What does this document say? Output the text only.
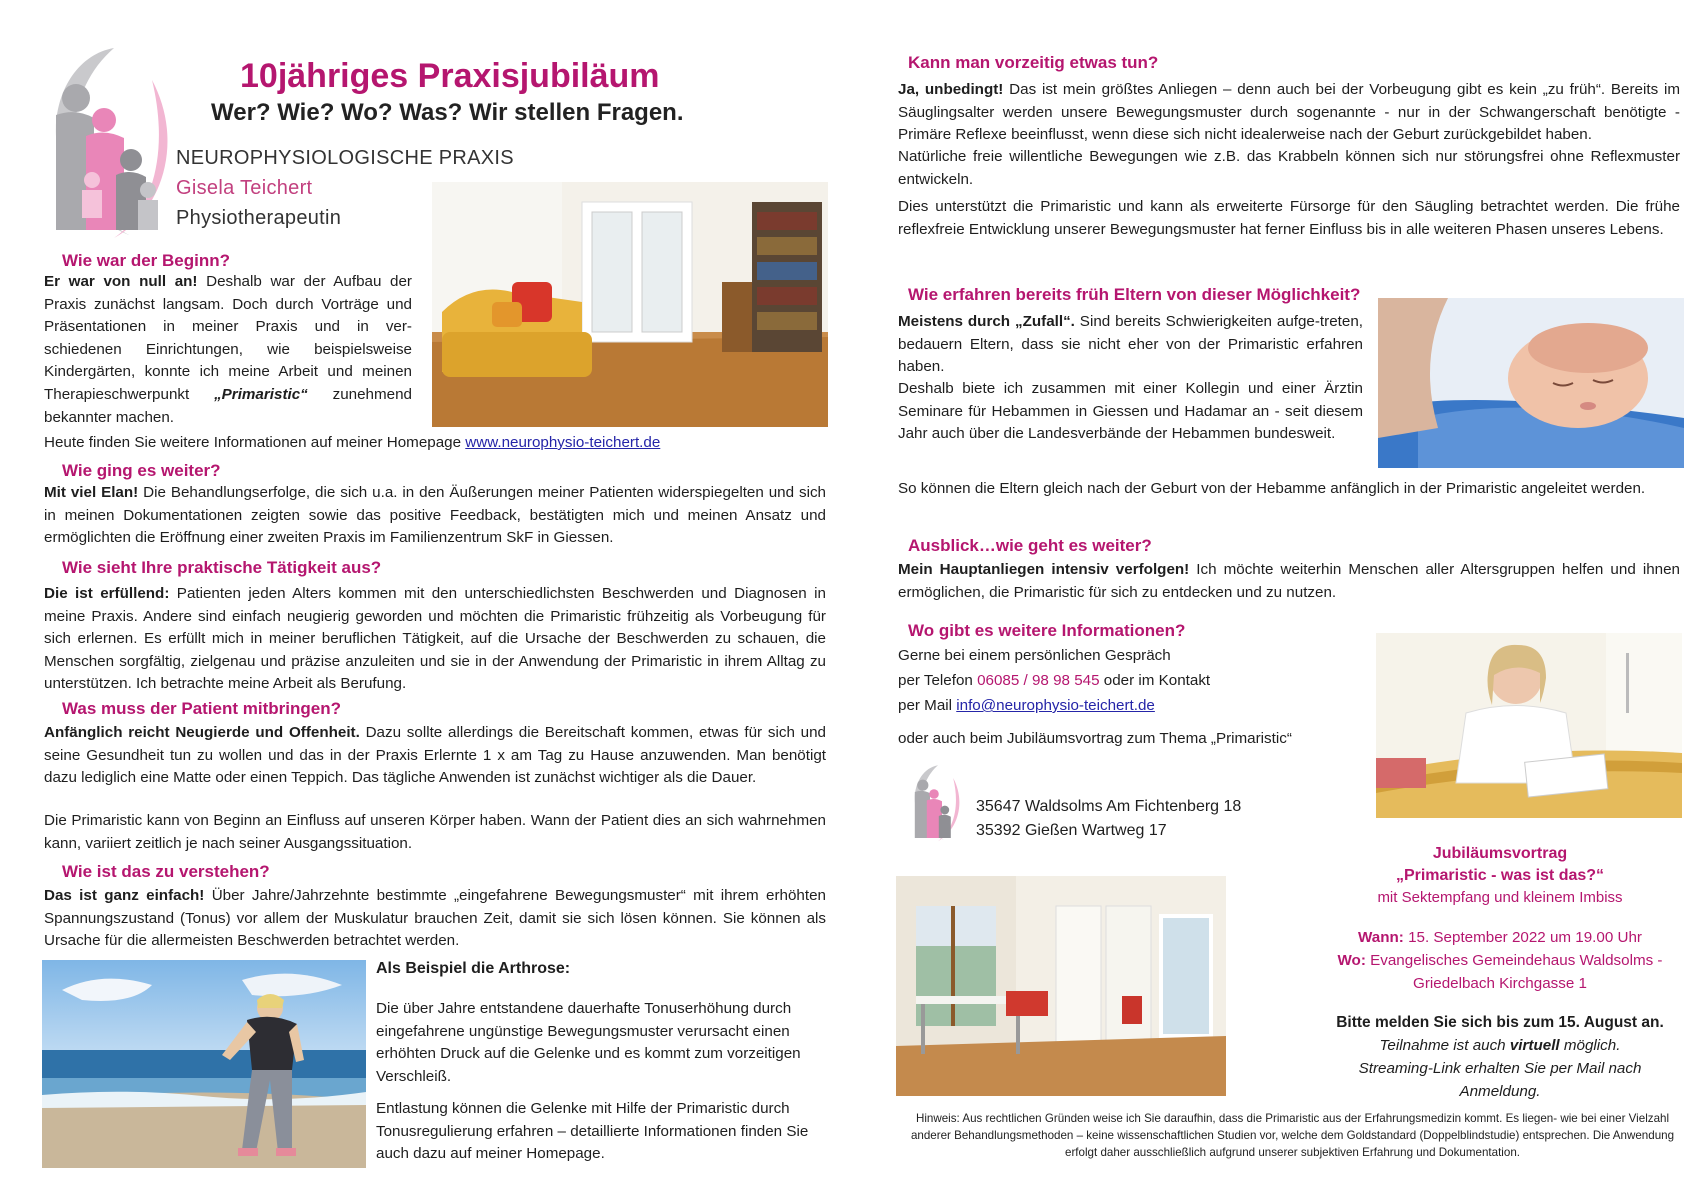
10jähriges Praxisjubiläum
Wer? Wie? Wo? Was? Wir stellen Fragen.
NEUROPHYSIOLOGISCHE PRAXIS
Gisela Teichert
Physiotherapeutin
Wie war der Beginn?
Er war von null an! Deshalb war der Aufbau der Praxis zunächst langsam. Doch durch Vorträge und Präsentationen in meiner Praxis und in ver-schiedenen Einrichtungen, wie beispielsweise Kindergärten, konnte ich meine Arbeit und meinen Therapieschwerpunkt „Primaristic“ zunehmend bekannter machen.
Heute finden Sie weitere Informationen auf meiner Homepage www.neurophysio-teichert.de
Wie ging es weiter?
Mit viel Elan! Die Behandlungserfolge, die sich u.a. in den Äußerungen meiner Patienten widerspiegelten und sich in meinen Dokumentationen zeigten sowie das positive Feedback, bestätigten mich und meinen Ansatz und ermöglichten die Eröffnung einer zweiten Praxis im Familienzentrum SkF in Giessen.
Wie sieht Ihre praktische Tätigkeit aus?
Die ist erfüllend: Patienten jeden Alters kommen mit den unterschiedlichsten Beschwerden und Diagnosen in meine Praxis. Andere sind einfach neugierig geworden und möchten die Primaristic frühzeitig als Vorbeugung für sich erlernen. Es erfüllt mich in meiner beruflichen Tätigkeit, auf die Ursache der Beschwerden zu schauen, die Menschen sorgfältig, zielgenau und präzise anzuleiten und sie in der Anwendung der Primaristic in ihrem Alltag zu unterstützen. Ich betrachte meine Arbeit als Berufung.
Was muss der Patient mitbringen?
Anfänglich reicht Neugierde und Offenheit. Dazu sollte allerdings die Bereitschaft kommen, etwas für sich und seine Gesundheit tun zu wollen und das in der Praxis Erlernte 1 x am Tag zu Hause anzuwenden. Man benötigt dazu lediglich eine Matte oder einen Teppich. Das tägliche Anwenden ist zunächst wichtiger als die Dauer.
Die Primaristic kann von Beginn an Einfluss auf unseren Körper haben. Wann der Patient dies an sich wahrnehmen kann, variiert zeitlich je nach seiner Ausgangssituation.
Wie ist das zu verstehen?
Das ist ganz einfach! Über Jahre/Jahrzehnte bestimmte „eingefahrene Bewegungsmuster“ mit ihrem erhöhten Spannungszustand (Tonus) vor allem der Muskulatur brauchen Zeit, damit sie sich lösen können. Sie können als Ursache für die allermeisten Beschwerden betrachtet werden.
Als Beispiel die Arthrose:
Die über Jahre entstandene dauerhafte Tonuserhöhung durch eingefahrene ungünstige Bewegungsmuster verursacht einen erhöhten Druck auf die Gelenke und es kommt zum vorzeitigen Verschleiß.
Entlastung können die Gelenke mit Hilfe der Primaristic durch Tonusregulierung erfahren – detaillierte Informationen finden Sie auch dazu auf meiner Homepage.
Kann man vorzeitig etwas tun?
Ja, unbedingt! Das ist mein größtes Anliegen – denn auch bei der Vorbeugung gibt es kein „zu früh“. Bereits im Säuglingsalter werden unsere Bewegungsmuster durch sogenannte - nur in der Schwangerschaft benötigte - Primäre Reflexe beeinflusst, wenn diese sich nicht idealerweise nach der Geburt zurückgebildet haben.
Natürliche freie willentliche Bewegungen wie z.B. das Krabbeln können sich nur störungsfrei ohne Reflexmuster entwickeln.
Dies unterstützt die Primaristic und kann als erweiterte Fürsorge für den Säugling betrachtet werden. Die frühe reflexfreie Entwicklung unserer Bewegungsmuster hat ferner Einfluss bis in alle weiteren Phasen unseres Lebens.
Wie erfahren bereits früh Eltern von dieser Möglichkeit?
Meistens durch „Zufall“. Sind bereits Schwierigkeiten aufge-treten, bedauern Eltern, dass sie nicht eher von der Primaristic erfahren haben.
Deshalb biete ich zusammen mit einer Kollegin und einer Ärztin Seminare für Hebammen in Giessen und Hadamar an - seit diesem Jahr auch über die Landesverbände der Hebammen bundesweit.
So können die Eltern gleich nach der Geburt von der Hebamme anfänglich in der Primaristic angeleitet werden.
Ausblick…wie geht es weiter?
Mein Hauptanliegen intensiv verfolgen! Ich möchte weiterhin Menschen aller Altersgruppen helfen und ihnen ermöglichen, die Primaristic für sich zu entdecken und zu nutzen.
Wo gibt es weitere Informationen?
Gerne bei einem persönlichen Gespräch
per Telefon 06085 / 98 98 545 oder im Kontakt
per Mail info@neurophysio-teichert.de
oder auch beim Jubiläumsvortrag zum Thema „Primaristic“
35647 Waldsolms Am Fichtenberg 18
35392 Gießen Wartweg 17
Jubiläumsvortrag
„Primaristic - was ist das?“
mit Sektempfang und kleinem Imbiss
Wann: 15. September 2022 um 19.00 Uhr
Wo: Evangelisches Gemeindehaus Waldsolms -
Griedelbach Kirchgasse 1
Bitte melden Sie sich bis zum 15. August an.
Teilnahme ist auch virtuell möglich.
Streaming-Link erhalten Sie per Mail nach
Anmeldung.
Hinweis: Aus rechtlichen Gründen weise ich Sie daraufhin, dass die Primaristic aus der Erfahrungsmedizin kommt. Es liegen- wie bei einer Vielzahl anderer Behandlungsmethoden – keine wissenschaftlichen Studien vor, welche dem Goldstandard (Doppelblindstudie) entsprechen. Die Anwendung erfolgt daher ausschließlich aufgrund unserer subjektiven Erfahrung und Dokumentation.
